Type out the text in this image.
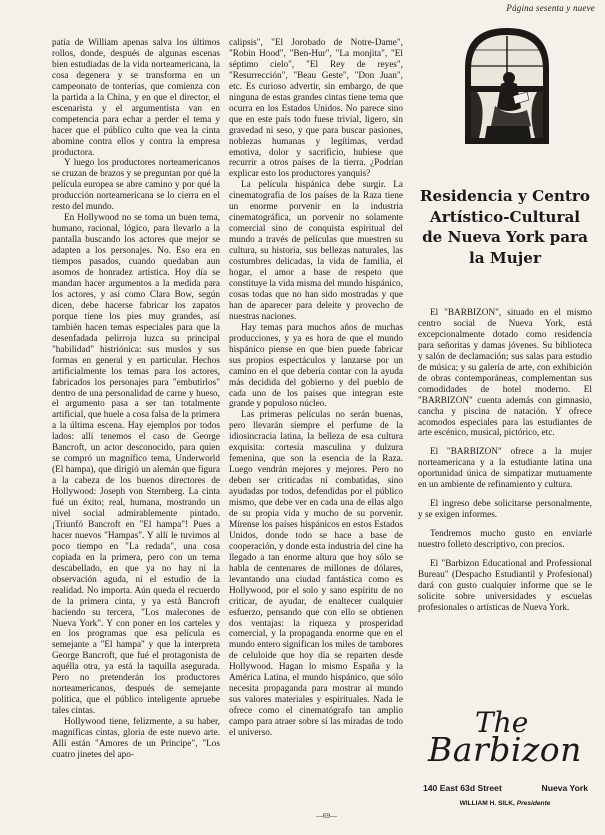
Página sesenta y nueve

patía de William apenas salva los últimos rollos, donde, después de algunas escenas bien estudiadas de la vida norteamericana, la cosa degenera y se transforma en un campeonato de tonterías, que comienza con la partida a la China, y en que el director, el escenarista y el argumentista van en competencia para echar a perder el tema y hacer que el público culto que vea la cinta abomine contra ellos y contra la empresa productora.

Y luego los productores norteamericanos se cruzan de brazos y se preguntan por qué la película europea se abre camino y por qué la producción norteamericana se lo cierra en el resto del mundo.

En Hollywood no se toma un buen tema, humano, racional, lógico, para llevarlo a la pantalla buscando los actores que mejor se adapten a los personajes. No. Eso era en tiempos pasados, cuando quedaban aun asomos de honradez artística. Hoy día se mandan hacer argumentos a la medida para los actores, y así como Clara Bow, según dicen, debe hacerse fabricar los zapatos porque tiene los pies muy grandes, así también hacen temas especiales para que la desenfadada pelirroja luzca su principal "habilidad" histriónica: sus muslos y sus formas en general y en particular. Hechos artificialmente los temas para los actores, fabricados los personajes para "embutirlos" dentro de una personalidad de carne y hueso, el argumento pasa a ser tan totalmente artificial, que huele a cosa falsa de la primera a la última escena. Hay ejemplos por todos lados: allí tenemos el caso de George Bancroft, un actor desconocido, para quien se compró un magnífico tema, Underworld (El hampa), que dirigió un alemán que figura a la cabeza de los buenos directores de Hollywood: Joseph von Sternberg. La cinta fué un éxito; real, humana, mostrando un nivel social admirablemente pintado. ¡Triunfó Bancroft en "El hampa"! Pues a hacer nuevos "Hampas". Y allí le tuvimos al poco tiempo en "La redada", una cosa copiada en la primera, pero con un tema descabellado, en que ya no hay ni la observación aguda, ni el estudio de la realidad. No importa. Aún queda el recuerdo de la primera cinta, y ya está Bancroft haciendo su tercera, "Los malecones de Nueva York". Y con poner en los carteles y en los programas que esa película es semejante a "El hampa" y que la interpreta George Bancroft, que fué el protagonista de aquélla otra, ya está la taquilla asegurada. Pero no pretenderán los productores norteamericanos, después de semejante política, que el público inteligente apruebe tales cintas.

Hollywood tiene, felizmente, a su haber, magníficas cintas, gloria de este nuevo arte. Allí están "Amores de un Príncipe", "Los cuatro jinetes del apo-

calipsis", "El Jorobado de Notre-Dame", "Robin Hood", "Ben-Hur", "La monjita", "El séptimo cielo", "El Rey de reyes", "Resurrección", "Beau Geste", "Don Juan", etc. Es curioso advertir, sin embargo, de que ninguna de estas grandes cintas tiene tema que ocurra en los Estados Unidos. No parece sino que en este país todo fuese trivial, ligero, sin gravedad ni seso, y que para buscar pasiones, noblezas humanas y legítimas, verdad emotiva, dolor y sacrificio, hubiese que recurrir a otros países de la tierra. ¿Podrían explicar esto los productores yanquis?

La película hispánica debe surgir. La cinematografía de los países de la Raza tiene un enorme porvenir en la industria cinematográfica, un porvenir no solamente comercial sino de conquista espiritual del mundo a través de películas que muestren su cultura, su historia, sus bellezas naturales, las costumbres delicadas, la vida de familia, el hogar, el amor a base de respeto que constituye la vida misma del mundo hispánico, cosas todas que no han sido mostradas y que han de aparecer para deleite y provecho de nuestras naciones.

Hay temas para muchos años de muchas producciones, y ya es hora de que el mundo hispánico piense en que bien puede fabricar sus propios espectáculos y lanzarse por un camino en el que debería contar con la ayuda más decidida del gobierno y del pueblo de cada uno de los países que integran este grande y populoso núcleo.

Las primeras películas no serán buenas, pero llevarán siempre el perfume de la idiosincracia latina, la belleza de esa cultura exquisita: cortesía masculina y dulzura femenina, que son la esencia de la Raza. Luego vendrán mejores y mejores. Pero no deben ser criticadas ni combatidas, sino ayudadas por todos, defendidas por el público mismo, que debe ver en cada una de ellas algo de su propia vida y mucho de su porvenir. Mírense los países hispánicos en estos Estados Unidos, donde todo se hace a base de cooperación, y donde esta industria del cine ha llegado a tan enorme altura que hoy sólo se habla de centenares de millones de dólares, levantando una ciudad fantástica como es Hollywood, por el solo y sano espíritu de no criticar, de ayudar, de enaltecer cualquier esfuerzo, pensando que con ello se obtienen dos ventajas: la riqueza y prosperidad comercial, y la propaganda enorme que en el mundo entero significan los miles de tambores de celuloide que hoy día se reparten desde Hollywood. Hagan lo mismo España y la América Latina, el mundo hispánico, que sólo necesita propaganda para mostrar al mundo sus valores materiales y espirituales. Nada le ofrece como el cinematógrafo tan amplio campo para atraer sobre sí las miradas de todo el universo.

Residencia y Centro
Artístico-Cultural
de Nueva York para
la Mujer

El "BARBIZON", situado en el mismo centro social de Nueva York, está excepcionalmente dotado como residencia para señoritas y damas jóvenes. Su biblioteca y salón de declamación; sus salas para estudio de música; y su galería de arte, con exhibición de obras contemporáneas, complementan sus comodidades de hotel moderno. El "BARBIZON" cuenta además con gimnasio, cancha y piscina de natación. Y ofrece acomodos especiales para las estudiantes de arte escénico, musical, pictórico, etc.

El "BARBIZON" ofrece a la mujer norteamericana y a la estudiante latina una oportunidad única de simpatizar mutuamente en un ambiente de refinamiento y cultura.

El ingreso debe solicitarse personalmente, y se exigen informes.

Tendremos mucho gusto en enviarle nuestro folleto descriptivo, con precios.

El "Barbizon Educational and Professional Bureau" (Despacho Estudiantil y Profesional) dará con gusto cualquier informe que se le solicite sobre universidades y escuelas profesionales o artísticas de Nueva York.

The
Barbizon
140 East 63d Street	Nueva York
WILLIAM H. SILK, Presidente
—69—
